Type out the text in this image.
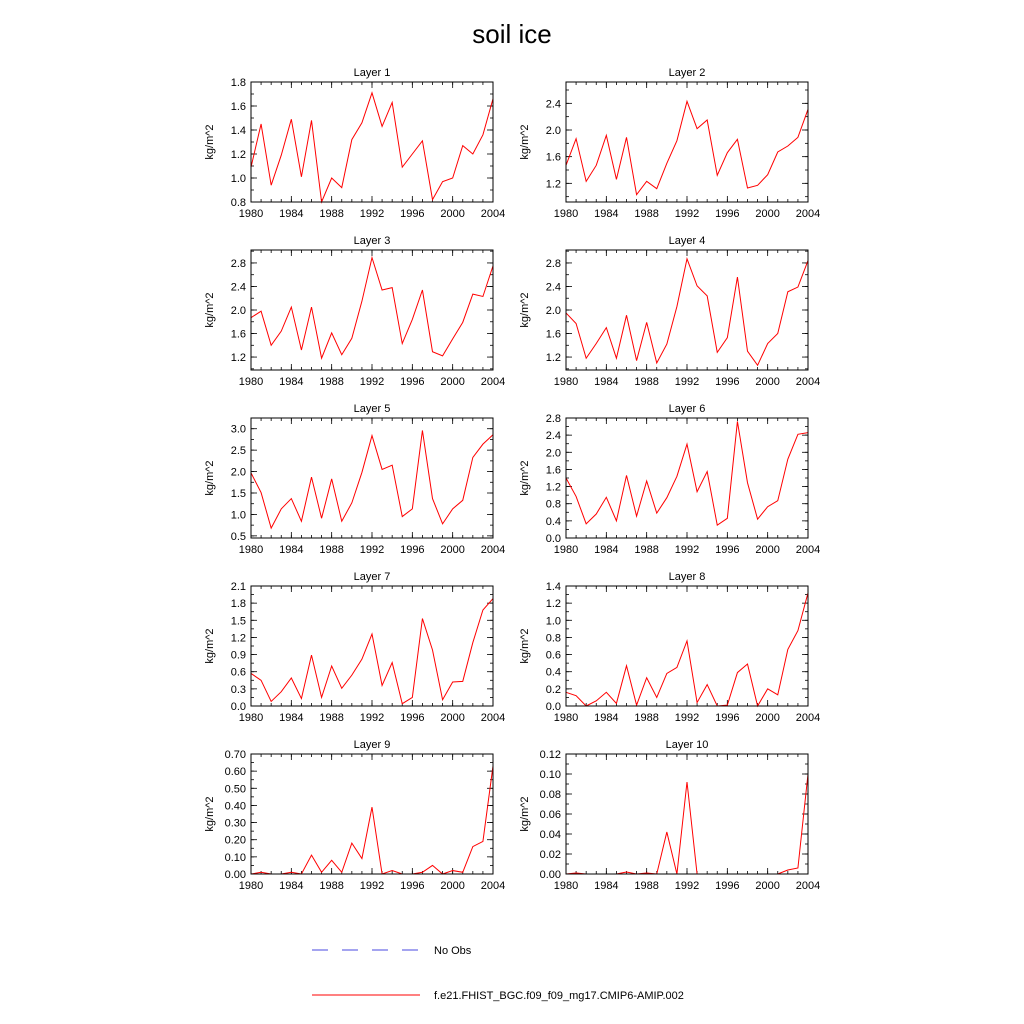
soil ice
Layer 1
kg/m^2
1980 1984 1988 1992 1996 2000 2004
0.8
1.0
1.2
1.4
1.6
1.8
Layer 2
kg/m^2
1980 1984 1988 1992 1996 2000 2004
1.2
1.6
2.0
2.4
Layer 3
kg/m^2
1980 1984 1988 1992 1996 2000 2004
1.2
1.6
2.0
2.4
2.8
Layer 4
kg/m^2
1980 1984 1988 1992 1996 2000 2004
1.2
1.6
2.0
2.4
2.8
Layer 5
kg/m^2
1980 1984 1988 1992 1996 2000 2004
0.5
1.0
1.5
2.0
2.5
3.0
Layer 6
kg/m^2
1980 1984 1988 1992 1996 2000 2004
0.0
0.4
0.8
1.2
1.6
2.0
2.4
2.8
Layer 7
kg/m^2
1980 1984 1988 1992 1996 2000 2004
0.0
0.3
0.6
0.9
1.2
1.5
1.8
2.1
Layer 8
kg/m^2
1980 1984 1988 1992 1996 2000 2004
0.0
0.2
0.4
0.6
0.8
1.0
1.2
1.4
Layer 9
kg/m^2
1980 1984 1988 1992 1996 2000 2004
0.00
0.10
0.20
0.30
0.40
0.50
0.60
0.70
Layer 10
kg/m^2
1980 1984 1988 1992 1996 2000 2004
0.00
0.02
0.04
0.06
0.08
0.10
0.12
No Obs
f.e21.FHIST_BGC.f09_f09_mg17.CMIP6-AMIP.002
